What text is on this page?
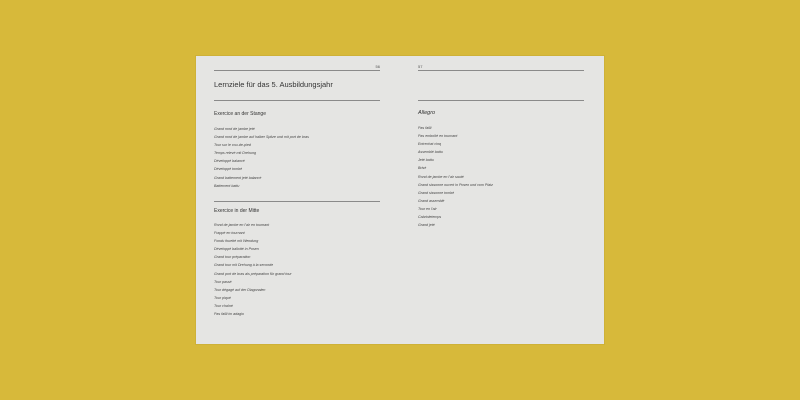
56
Lernziele für das 5. Ausbildungsjahr
Exercice an der Stange
Grand rond de jambe jeté
Grand rond de jambe auf halber Spitze und mit port de bras
Tour sur le cou-de-pied
Temps relevé mit Drehung
Développé balancé
Développé tombé
Grand battement jeté balancé
Battement battu
Exercice in der Mitte
Rond de jambe en l’air en tournant
Frappé en tournant
Fondu fouetté mit Wendung
Développé ballotté in Posen
Grand tour préparation
Grand tour mit Drehung à la seconde
Grand port de bras als préparation für grand tour
Tour passé
Tour dégagé auf der Diagonalen
Tour piqué
Tour chaîné
Pas failli im adagio
57
Allegro
Pas failli
Pas emboîté en tournant
Entrechat cinq
Assemblé battu
Jeté battu
Brisé
Rond de jambe en l’air sauté
Grand sissonne ouvert in Posen und vom Platz
Grand sissonne tombé
Grand assemblé
Tour en l’air
Cabrioletemps
Grand jeté
